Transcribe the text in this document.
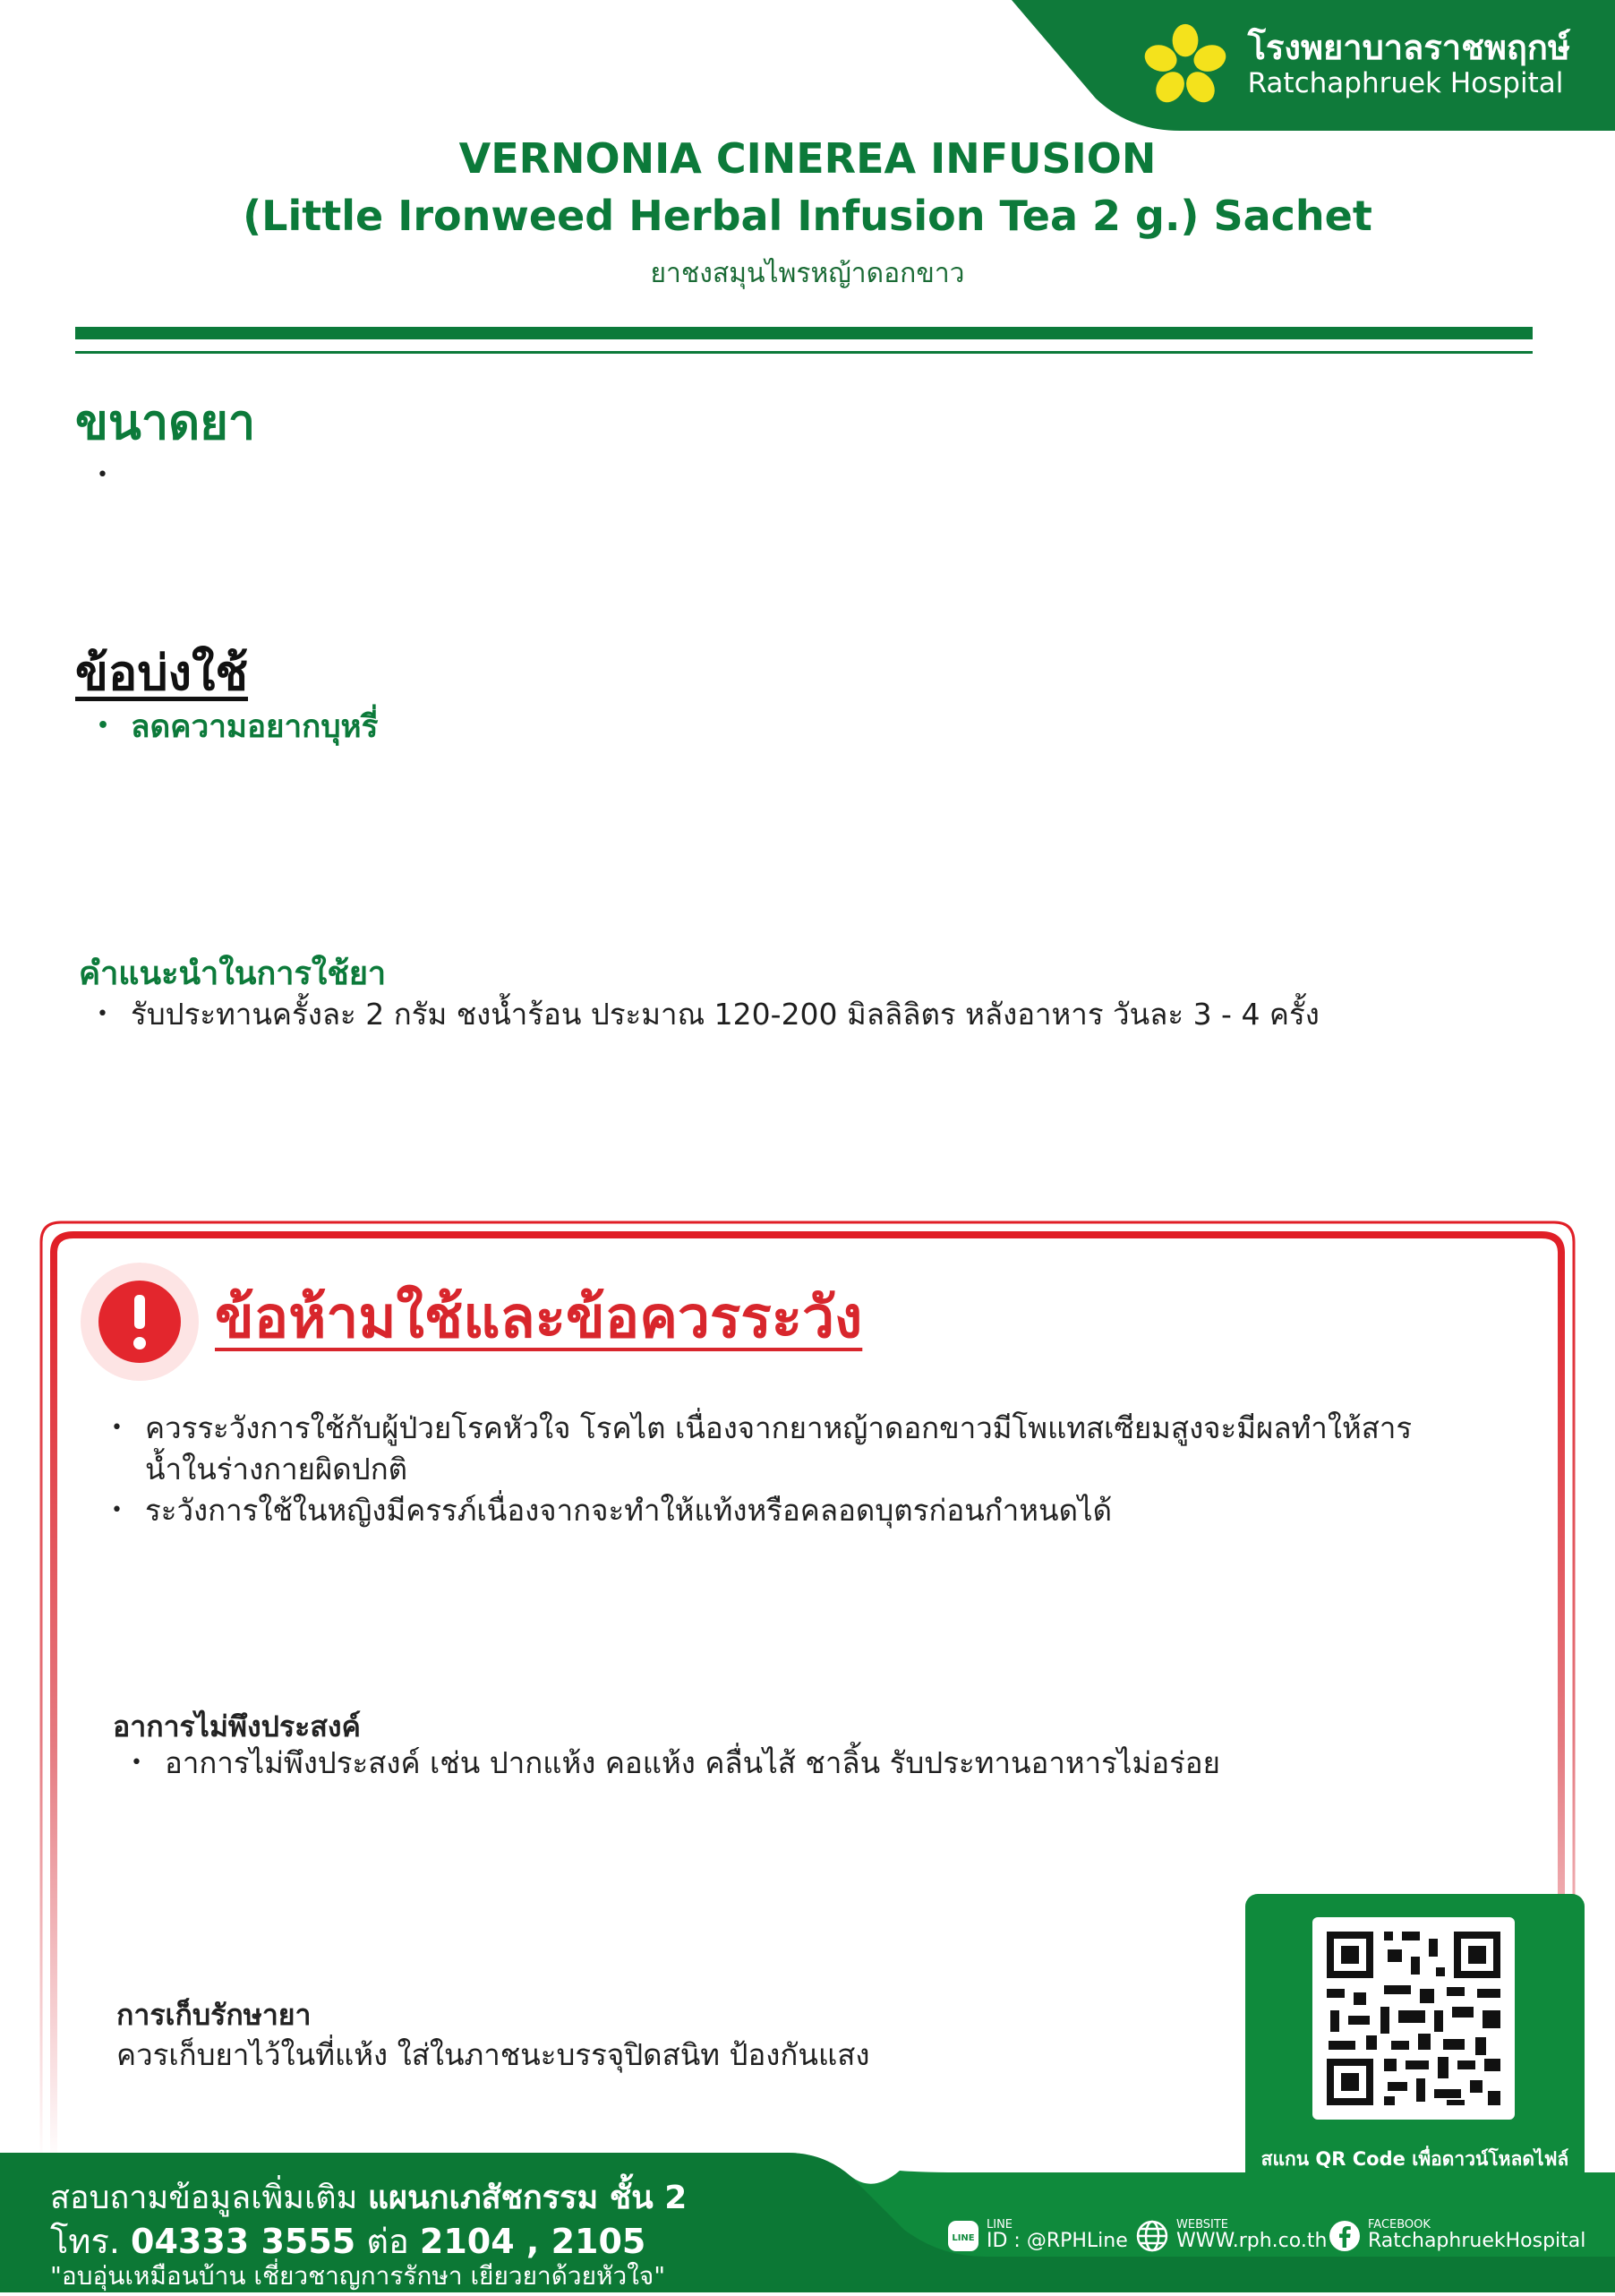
โรงพยาบาลราชพฤกษ์
Ratchaphruek Hospital
VERNONIA CINEREA INFUSION
(Little Ironweed Herbal Infusion Tea 2 g.) Sachet
ยาชงสมุนไพรหญ้าดอกขาว
ขนาดยา
ข้อบ่งใช้
• ลดความอยากบุหรี่
คำแนะนำในการใช้ยา
• รับประทานครั้งละ 2 กรัม ชงน้ำร้อน ประมาณ 120-200 มิลลิลิตร หลังอาหาร วันละ 3 - 4 ครั้ง
ข้อห้ามใช้และข้อควรระวัง
• ควรระวังการใช้กับผู้ป่วยโรคหัวใจ โรคไต เนื่องจากยาหญ้าดอกขาวมีโพแทสเซียมสูงจะมีผลทำให้สารน้ำในร่างกายผิดปกติ
• ระวังการใช้ในหญิงมีครรภ์เนื่องจากจะทำให้แท้งหรือคลอดบุตรก่อนกำหนดได้
อาการไม่พึงประสงค์
• อาการไม่พึงประสงค์ เช่น ปากแห้ง คอแห้ง คลื่นไส้ ชาลิ้น รับประทานอาหารไม่อร่อย
การเก็บรักษายา
ควรเก็บยาไว้ในที่แห้ง ใส่ในภาชนะบรรจุปิดสนิท ป้องกันแสง
สแกน QR Code เพื่อดาวน์โหลดไฟล์
สอบถามข้อมูลเพิ่มเติม แผนกเภสัชกรรม ชั้น 2
โทร. 04333 3555 ต่อ 2104 , 2105
"อบอุ่นเหมือนบ้าน เชี่ยวชาญการรักษา เยียวยาด้วยหัวใจ"
LINE
LINE
ID : @RPHLine
WEBSITE
WWW.rph.co.th
FACEBOOK
RatchaphruekHospital
